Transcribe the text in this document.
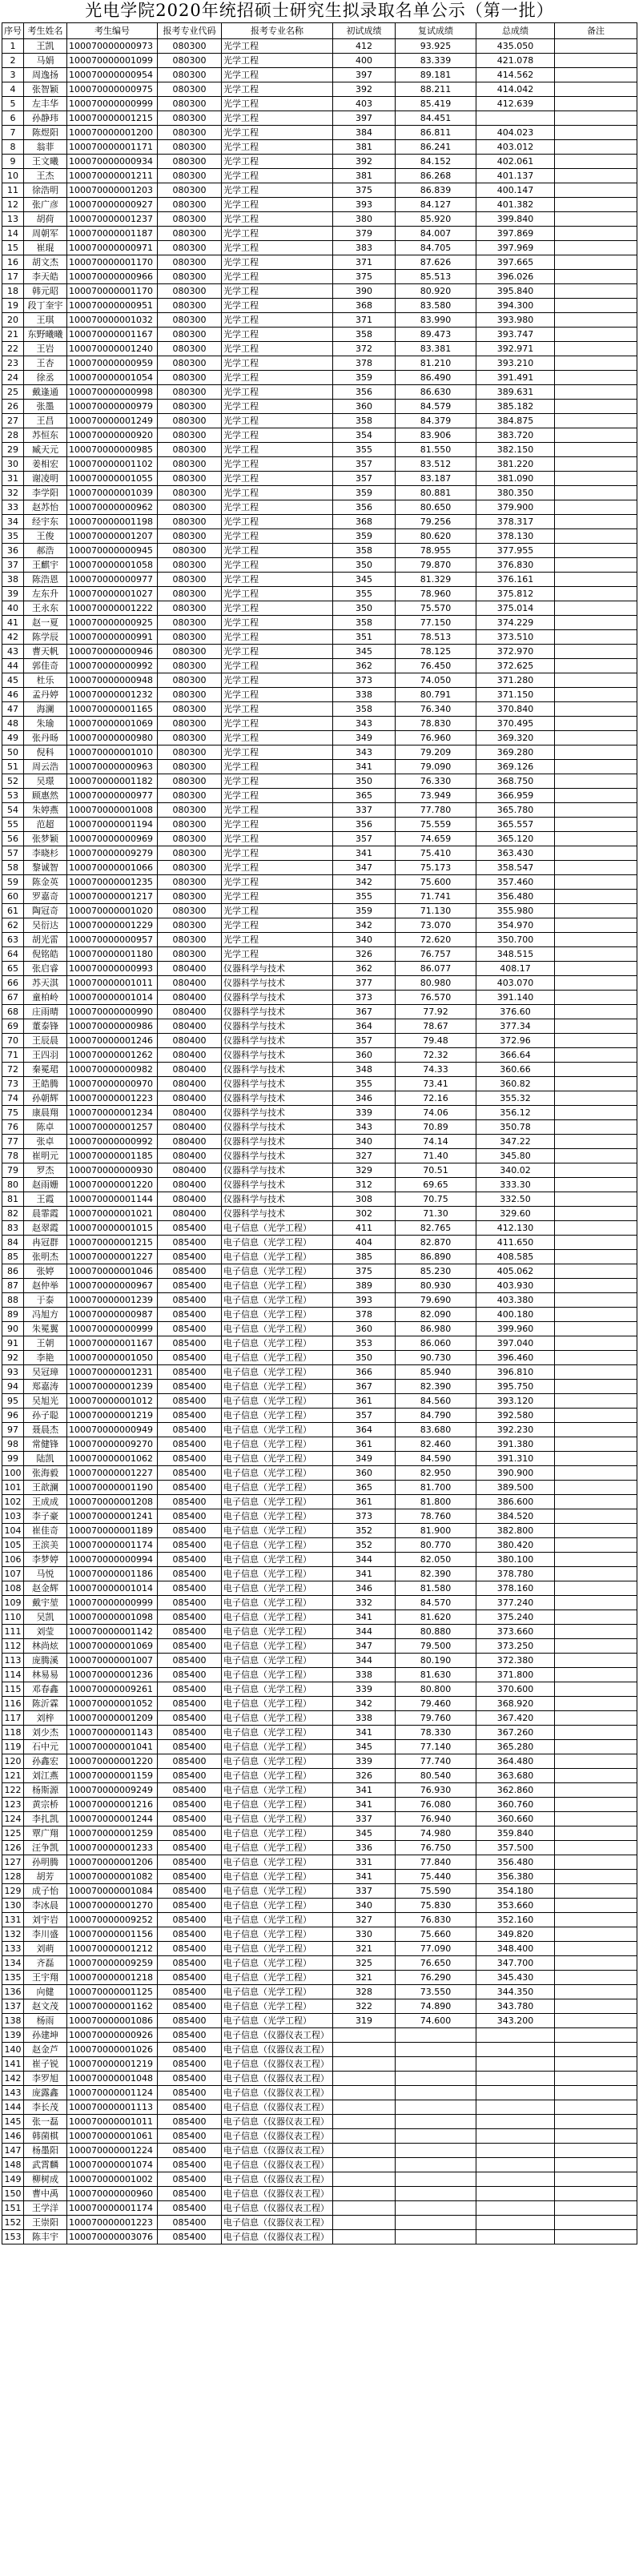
光电学院2020年统招硕士研究生拟录取名单公示（第一批）
序号	考生姓名	考生编号	报考专业代码	报考专业名称	初试成绩	复试成绩	总成绩	备注
1	王凯	100070000000973	080300	光学工程	412	93.925	435.050	
2	马娟	100070000001099	080300	光学工程	400	83.339	421.078	
3	周逸扬	100070000000954	080300	光学工程	397	89.181	414.562	
4	张智颖	100070000000975	080300	光学工程	392	88.211	414.042	
5	左丰华	100070000000999	080300	光学工程	403	85.419	412.639	
6	孙静玮	100070000001215	080300	光学工程	397	84.451		
7	陈煜阳	100070000001200	080300	光学工程	384	86.811	404.023	
8	翁菲	100070000001171	080300	光学工程	381	86.241	403.012	
9	王文曦	100070000000934	080300	光学工程	392	84.152	402.061	
10	王杰	100070000001211	080300	光学工程	381	86.268	401.137	
11	徐浩明	100070000001203	080300	光学工程	375	86.839	400.147	
12	张广彦	100070000000927	080300	光学工程	393	84.127	401.382	
13	胡荷	100070000001237	080300	光学工程	380	85.920	399.840	
14	周朝军	100070000001187	080300	光学工程	379	84.007	397.869	
15	崔琨	100070000000971	080300	光学工程	383	84.705	397.969	
16	胡文杰	100070000001170	080300	光学工程	371	87.626	397.665	
17	李天皓	100070000000966	080300	光学工程	375	85.513	396.026	
18	韩元昭	100070000001170	080300	光学工程	390	80.920	395.840	
19	段丁奎宇	100070000000951	080300	光学工程	368	83.580	394.300	
20	王琪	100070000001032	080300	光学工程	371	83.990	393.980	
21	东野曦曦	100070000001167	080300	光学工程	358	89.473	393.747	
22	王岩	100070000001240	080300	光学工程	372	83.381	392.971	
23	王杏	100070000000959	080300	光学工程	378	81.210	393.210	
24	徐丞	100070000001054	080300	光学工程	359	86.490	391.491	
25	戴逢通	100070000000998	080300	光学工程	356	86.630	389.631	
26	张墨	100070000000979	080300	光学工程	360	84.579	385.182	
27	王昌	100070000001249	080300	光学工程	358	84.379	384.875	
28	苏恒东	100070000000920	080300	光学工程	354	83.906	383.720	
29	臧天元	100070000000985	080300	光学工程	355	81.550	382.150	
30	姜相宏	100070000001102	080300	光学工程	357	83.512	381.220	
31	谢凌明	100070000001055	080300	光学工程	357	83.187	381.090	
32	李学阳	100070000001039	080300	光学工程	359	80.881	380.350	
33	赵苏怡	100070000000962	080300	光学工程	356	80.650	379.900	
34	经宇东	100070000001198	080300	光学工程	368	79.256	378.317	
35	王俊	100070000001207	080300	光学工程	359	80.620	378.130	
36	郝浩	100070000000945	080300	光学工程	358	78.955	377.955	
37	王麒宇	100070000001058	080300	光学工程	350	79.870	376.830	
38	陈浩恩	100070000000977	080300	光学工程	345	81.329	376.161	
39	左东升	100070000001027	080300	光学工程	355	78.960	375.812	
40	王永东	100070000001222	080300	光学工程	350	75.570	375.014	
41	赵一夏	100070000000925	080300	光学工程	358	77.150	374.229	
42	陈学辰	100070000000991	080300	光学工程	351	78.513	373.510	
43	曹天帆	100070000000946	080300	光学工程	345	78.125	372.970	
44	郭佳奇	100070000000992	080300	光学工程	362	76.450	372.625	
45	杜乐	100070000000948	080300	光学工程	373	74.050	371.280	
46	孟丹婷	100070000001232	080300	光学工程	338	80.791	371.150	
47	海澜	100070000001165	080300	光学工程	358	76.340	370.840	
48	朱瑜	100070000001069	080300	光学工程	343	78.830	370.495	
49	张丹旸	100070000000980	080300	光学工程	349	76.960	369.320	
50	倪科	100070000001010	080300	光学工程	343	79.209	369.280	
51	周云浩	100070000000963	080300	光学工程	341	79.090	369.126	
52	吴璟	100070000001182	080300	光学工程	350	76.330	368.750	
53	顾惠然	100070000000977	080300	光学工程	365	73.949	366.959	
54	朱婷燕	100070000001008	080300	光学工程	337	77.780	365.780	
55	范超	100070000001194	080300	光学工程	356	75.559	365.557	
56	张梦颖	100070000000969	080300	光学工程	357	74.659	365.120	
57	李晓杉	100070000009279	080300	光学工程	341	75.410	363.430	
58	黎诚智	100070000001066	080300	光学工程	347	75.173	358.547	
59	陈金英	100070000001235	080300	光学工程	342	75.600	357.460	
60	罗嘉奇	100070000001217	080300	光学工程	355	71.741	356.480	
61	陶冠奇	100070000001020	080300	光学工程	359	71.130	355.980	
62	吴衍达	100070000001229	080300	光学工程	342	73.070	354.970	
63	胡光雷	100070000000957	080300	光学工程	340	72.620	350.700	
64	倪铭皓	100070000001180	080300	光学工程	326	76.757	348.515	
65	张启睿	100070000000993	080400	仪器科学与技术	362	86.077	408.17	
66	苏天淇	100070000001011	080400	仪器科学与技术	377	80.980	403.070	
67	童柏岭	100070000001014	080400	仪器科学与技术	373	76.570	391.140	
68	庄雨晴	100070000000990	080400	仪器科学与技术	367	77.92	376.60	
69	董泰锋	100070000000986	080400	仪器科学与技术	364	78.67	377.34	
70	王辰晨	100070000001246	080400	仪器科学与技术	357	79.48	372.96	
71	王四羽	100070000001262	080400	仪器科学与技术	360	72.32	366.64	
72	秦冕珺	100070000000982	080400	仪器科学与技术	348	74.33	360.66	
73	王皓腾	100070000000970	080400	仪器科学与技术	355	73.41	360.82	
74	孙朝辉	100070000001223	080400	仪器科学与技术	346	72.16	355.32	
75	康晨翔	100070000001234	080400	仪器科学与技术	339	74.06	356.12	
76	陈卓	100070000001257	080400	仪器科学与技术	343	70.89	350.78	
77	张卓	100070000000992	080400	仪器科学与技术	340	74.14	347.22	
78	崔明元	100070000001185	080400	仪器科学与技术	327	71.40	345.80	
79	罗杰	100070000000930	080400	仪器科学与技术	329	70.51	340.02	
80	赵雨姗	100070000001220	080400	仪器科学与技术	312	69.65	333.30	
81	王霞	100070000001144	080400	仪器科学与技术	308	70.75	332.50	
82	晨霏霞	100070000001021	080400	仪器科学与技术	302	71.30	329.60	
83	赵翠霞	100070000001015	085400	电子信息（光学工程）	411	82.765	412.130	
84	冉冠群	100070000001215	085400	电子信息（光学工程）	404	82.870	411.650	
85	张明杰	100070000001227	085400	电子信息（光学工程）	385	86.890	408.585	
86	张婷	100070000001046	085400	电子信息（光学工程）	375	85.230	405.062	
87	赵仲举	100070000000967	085400	电子信息（光学工程）	389	80.930	403.930	
88	于泰	100070000001239	085400	电子信息（光学工程）	393	79.690	403.380	
89	冯旭方	100070000000987	085400	电子信息（光学工程）	378	82.090	400.180	
90	朱冕翼	100070000000999	085400	电子信息（光学工程）	360	86.980	399.960	
91	王朝	100070000001167	085400	电子信息（光学工程）	353	86.060	397.040	
92	李艳	100070000001050	085400	电子信息（光学工程）	350	90.730	396.460	
93	吴冠璋	100070000001231	085400	电子信息（光学工程）	366	85.940	396.810	
94	郑嘉涛	100070000001239	085400	电子信息（光学工程）	367	82.390	395.750	
95	吴旭光	100070000001012	085400	电子信息（光学工程）	361	84.560	393.120	
96	孙子聪	100070000001219	085400	电子信息（光学工程）	357	84.790	392.580	
97	聂晨杰	100070000000949	085400	电子信息（光学工程）	364	83.680	392.230	
98	常健锋	100070000009270	085400	电子信息（光学工程）	361	82.460	391.380	
99	陆凯	100070000001062	085400	电子信息（光学工程）	349	84.590	391.310	
100	张海毅	100070000001227	085400	电子信息（光学工程）	360	82.950	390.900	
101	王歆澜	100070000001190	085400	电子信息（光学工程）	365	81.700	389.500	
102	王成成	100070000001208	085400	电子信息（光学工程）	361	81.800	386.600	
103	李子豪	100070000001241	085400	电子信息（光学工程）	373	78.760	384.520	
104	崔佳奇	100070000001189	085400	电子信息（光学工程）	352	81.900	382.800	
105	王滨美	100070000001174	085400	电子信息（光学工程）	352	80.770	380.420	
106	李梦婷	100070000000994	085400	电子信息（光学工程）	344	82.050	380.100	
107	马悦	100070000001186	085400	电子信息（光学工程）	341	82.390	378.780	
108	赵金辉	100070000001014	085400	电子信息（光学工程）	346	81.580	378.160	
109	戴宇堃	100070000000999	085400	电子信息（光学工程）	332	84.570	377.240	
110	吴凯	100070000001098	085400	电子信息（光学工程）	341	81.620	375.240	
111	刘莹	100070000001142	085400	电子信息（光学工程）	344	80.880	373.660	
112	林尚炫	100070000001069	085400	电子信息（光学工程）	347	79.500	373.250	
113	庞腾溪	100070000001007	085400	电子信息（光学工程）	344	80.190	372.380	
114	林易易	100070000001236	085400	电子信息（光学工程）	338	81.630	371.800	
115	邓春鑫	100070000009261	085400	电子信息（光学工程）	339	80.800	370.600	
116	陈沂霖	100070000001052	085400	电子信息（光学工程）	342	79.460	368.920	
117	刘梓	100070000001209	085400	电子信息（光学工程）	338	79.760	367.420	
118	刘少杰	100070000001143	085400	电子信息（光学工程）	341	78.330	367.260	
119	石中元	100070000001041	085400	电子信息（光学工程）	345	77.140	365.280	
120	孙鑫宏	100070000001220	085400	电子信息（光学工程）	339	77.740	364.480	
121	刘江燕	100070000001159	085400	电子信息（光学工程）	326	80.540	363.680	
122	杨斯源	100070000009249	085400	电子信息（光学工程）	341	76.930	362.860	
123	黄宗桥	100070000001216	085400	电子信息（光学工程）	341	76.080	360.760	
124	李扎凯	100070000001244	085400	电子信息（光学工程）	337	76.940	360.660	
125	覃广翔	100070000001259	085400	电子信息（光学工程）	345	74.980	359.840	
126	汪争凯	100070000001233	085400	电子信息（光学工程）	336	76.750	357.500	
127	孙明腾	100070000001206	085400	电子信息（光学工程）	331	77.840	356.480	
128	胡芳	100070000001082	085400	电子信息（光学工程）	341	75.440	356.380	
129	成子怡	100070000001084	085400	电子信息（光学工程）	337	75.590	354.180	
130	李冰晨	100070000001270	085400	电子信息（光学工程）	340	75.830	353.660	
131	刘宇岩	100070000009252	085400	电子信息（光学工程）	327	76.830	352.160	
132	李川盛	100070000001156	085400	电子信息（光学工程）	330	75.660	349.820	
133	刘萌	100070000001212	085400	电子信息（光学工程）	321	77.090	348.400	
134	齐磊	100070000009259	085400	电子信息（光学工程）	325	76.650	347.700	
135	王宇翔	100070000001218	085400	电子信息（光学工程）	321	76.290	345.430	
136	向健	100070000001125	085400	电子信息（光学工程）	328	73.550	344.350	
137	赵文茂	100070000001162	085400	电子信息（光学工程）	322	74.890	343.780	
138	杨雨	100070000001086	085400	电子信息（光学工程）	319	74.600	343.200	
139	孙建坤	100070000000926	085400	电子信息（仪器仪表工程）				
140	赵金芦	100070000001026	085400	电子信息（仪器仪表工程）				
141	崔子锐	100070000001219	085400	电子信息（仪器仪表工程）				
142	李罗旭	100070000001048	085400	电子信息（仪器仪表工程）				
143	庞露鑫	100070000001124	085400	电子信息（仪器仪表工程）				
144	李长茂	100070000001113	085400	电子信息（仪器仪表工程）				
145	张一磊	100070000001011	085400	电子信息（仪器仪表工程）				
146	韩菌棋	100070000001061	085400	电子信息（仪器仪表工程）				
147	杨墨阳	100070000001224	085400	电子信息（仪器仪表工程）				
148	武霄麟	100070000001074	085400	电子信息（仪器仪表工程）				
149	柳树成	100070000001002	085400	电子信息（仪器仪表工程）				
150	曹中禹	100070000000960	085400	电子信息（仪器仪表工程）				
151	王学洋	100070000001174	085400	电子信息（仪器仪表工程）				
152	王崇阳	100070000001223	085400	电子信息（仪器仪表工程）				
153	陈丰宇	100070000003076	085400	电子信息（仪器仪表工程）				
